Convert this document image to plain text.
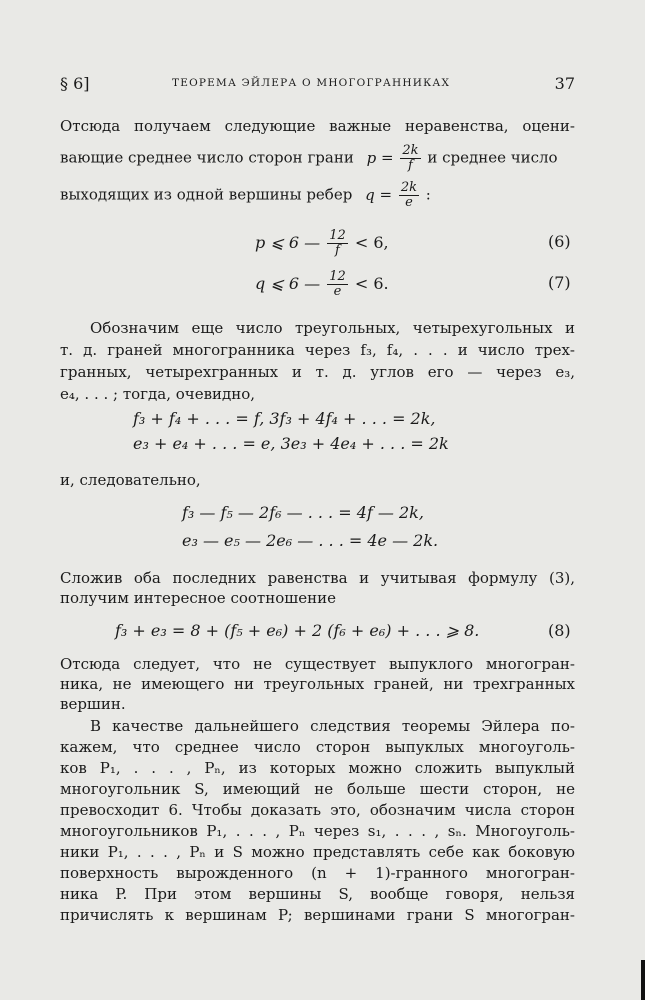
§ 6]	ТЕОРЕМА ЭЙЛЕРА О МНОГОГРАННИКАХ	37
Отсюда получаем следующие важные неравенства, оцени-
вающие среднее число сторон грани $p = \frac{2k}{f}$ и среднее число
выходящих из одной вершины ребер $q = \frac{2k}{e}$ :
p ⩽ 6 — $\frac{12}{f} < 6$,	(6)
q ⩽ 6 — $\frac{12}{e} < 6$.	(7)
Обозначим еще число треугольных, четырехугольных и
т. д. граней многогранника через f₃, f₄, . . . и число трех-
гранных, четырехгранных и т. д. углов его — через e₃,
e₄, . . . ; тогда, очевидно,
f₃ + f₄ + . . . = f, 3f₃ + 4f₄ + . . . = 2k,
e₃ + e₄ + . . . = e, 3e₃ + 4e₄ + . . . = 2k
и, следовательно,
f₃ — f₅ — 2f₆ — . . . = 4f — 2k,
e₃ — e₅ — 2e₆ — . . . = 4e — 2k.
Сложив оба последних равенства и учитывая формулу (3),
получим интересное соотношение
f₃ + e₃ = 8 + (f₅ + e₆) + 2 (f₆ + e₆) + . . . ⩾ 8.	(8)
Отсюда следует, что не существует выпуклого многогран-
ника, не имеющего ни треугольных граней, ни трехгранных
вершин.
В качестве дальнейшего следствия теоремы Эйлера по-
кажем, что среднее число сторон выпуклых многоуголь-
ков P₁, . . . , Pₙ, из которых можно сложить выпуклый
многоугольник S, имеющий не больше шести сторон, не
превосходит 6. Чтобы доказать это, обозначим числа сторон
многоугольников P₁, . . . , Pₙ через s₁, . . . , sₙ. Многоуголь-
ники P₁, . . . , Pₙ и S можно представлять себе как боковую
поверхность вырожденного (n + 1)-гранного многогран-
ника P. При этом вершины S, вообще говоря, нельзя
причислять к вершинам P; вершинами грани S многогран-
